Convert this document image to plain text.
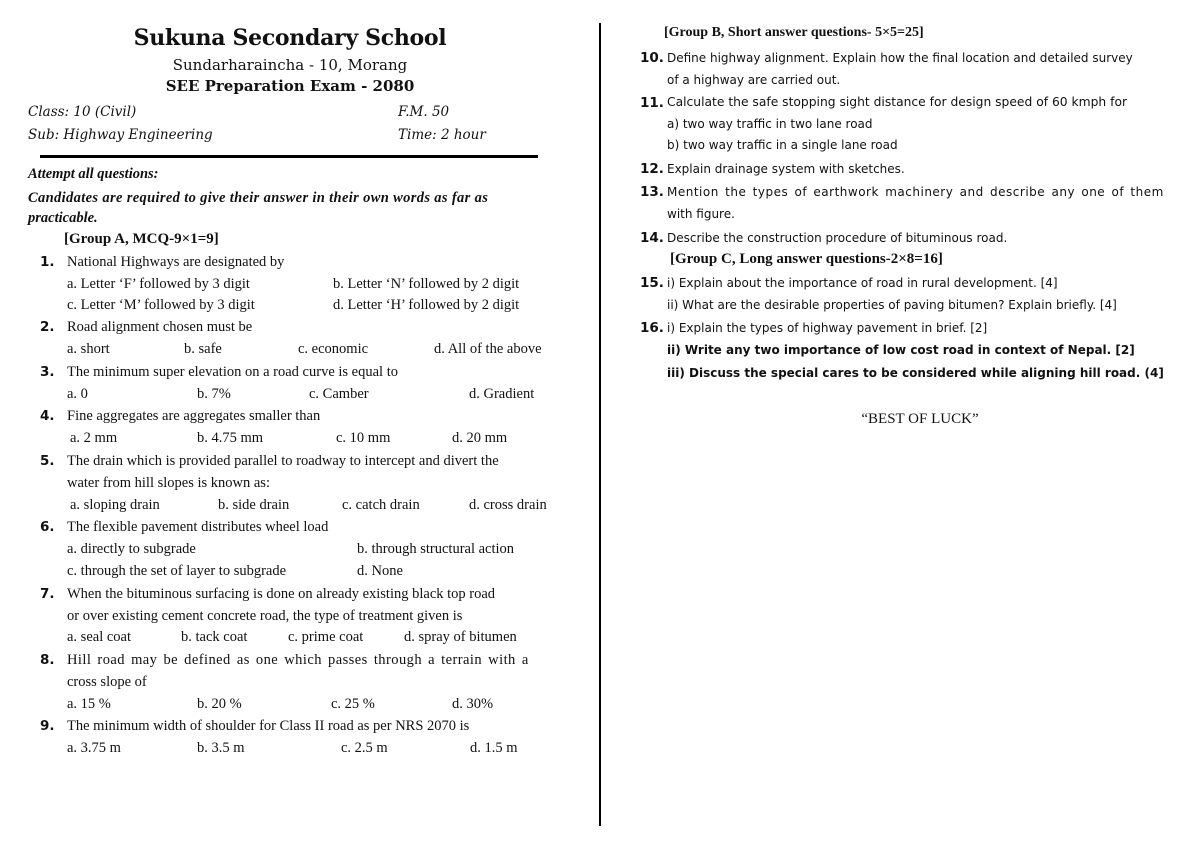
Sukuna Secondary School
Sundarharaincha - 10, Morang
SEE Preparation Exam - 2080
Class: 10 (Civil)	F.M. 50
Sub: Highway Engineering	Time: 2 hour
Attempt all questions:
Candidates are required to give their answer in their own words as far as
practicable.
[Group A, MCQ-9×1=9]
1. National Highways are designated by
a. Letter ‘F’ followed by 3 digit	b. Letter ‘N’ followed by 2 digit
c. Letter ‘M’ followed by 3 digit	d. Letter ‘H’ followed by 2 digit
2. Road alignment chosen must be
a. short	b. safe	c. economic	d. All of the above
3. The minimum super elevation on a road curve is equal to
a. 0	b. 7%	c. Camber	d. Gradient
4. Fine aggregates are aggregates smaller than
a. 2 mm	b. 4.75 mm	c. 10 mm	d. 20 mm
5. The drain which is provided parallel to roadway to intercept and divert the
water from hill slopes is known as:
a. sloping drain	b. side drain	c. catch drain	d. cross drain
6. The flexible pavement distributes wheel load
a. directly to subgrade	b. through structural action
c. through the set of layer to subgrade	d. None
7. When the bituminous surfacing is done on already existing black top road
or over existing cement concrete road, the type of treatment given is
a. seal coat	b. tack coat	c. prime coat	d. spray of bitumen
8. Hill road may be defined as one which passes through a terrain with a
cross slope of
a. 15 %	b. 20 %	c. 25 %	d. 30%
9. The minimum width of shoulder for Class II road as per NRS 2070 is
a. 3.75 m	b. 3.5 m	c. 2.5 m	d. 1.5 m
[Group B, Short answer questions- 5×5=25]
10. Define highway alignment. Explain how the final location and detailed survey
of a highway are carried out.
11. Calculate the safe stopping sight distance for design speed of 60 kmph for
a) two way traffic in two lane road
b) two way traffic in a single lane road
12. Explain drainage system with sketches.
13. Mention the types of earthwork machinery and describe any one of them
with figure.
14. Describe the construction procedure of bituminous road.
[Group C, Long answer questions-2×8=16]
15. i) Explain about the importance of road in rural development. [4]
ii) What are the desirable properties of paving bitumen? Explain briefly. [4]
16. i) Explain the types of highway pavement in brief. [2]
ii) Write any two importance of low cost road in context of Nepal. [2]
iii) Discuss the special cares to be considered while aligning hill road. (4]
“BEST OF LUCK”
